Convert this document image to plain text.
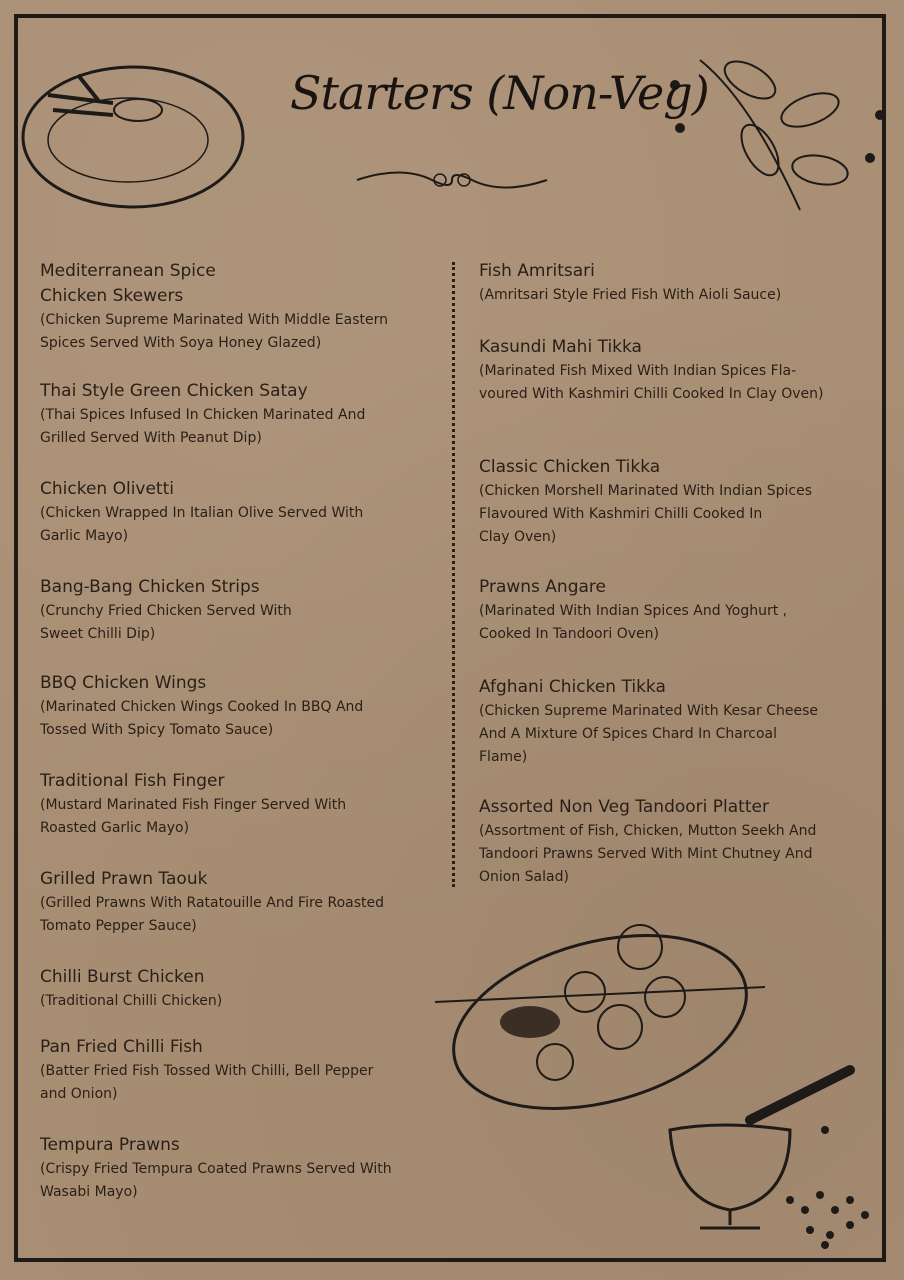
Starters (Non-Veg)
Mediterranean Spice
Chicken Skewers
(Chicken Supreme Marinated With Middle Eastern
Spices Served With Soya Honey Glazed)
Thai Style Green Chicken Satay
(Thai Spices Infused In Chicken Marinated And
Grilled Served With Peanut Dip)
Chicken Olivetti
(Chicken Wrapped In Italian Olive Served With
Garlic Mayo)
Bang-Bang Chicken Strips
(Crunchy Fried Chicken Served With
Sweet Chilli Dip)
BBQ Chicken Wings
(Marinated Chicken Wings Cooked In BBQ And
Tossed With Spicy Tomato Sauce)
Traditional Fish Finger
(Mustard Marinated Fish Finger Served With
Roasted Garlic Mayo)
Grilled Prawn Taouk
(Grilled Prawns With Ratatouille And Fire Roasted
Tomato Pepper Sauce)
Chilli Burst Chicken
(Traditional Chilli Chicken)
Pan Fried Chilli Fish
(Batter Fried Fish Tossed With Chilli, Bell Pepper
and Onion)
Tempura Prawns
(Crispy Fried Tempura Coated Prawns Served With
Wasabi Mayo)
Fish Amritsari
(Amritsari Style Fried Fish With Aioli Sauce)
Kasundi Mahi Tikka
(Marinated Fish Mixed With Indian Spices Fla-
voured With Kashmiri Chilli Cooked In Clay Oven)
Classic Chicken Tikka
(Chicken Morshell Marinated With Indian Spices
Flavoured With Kashmiri Chilli Cooked In
Clay Oven)
Prawns Angare
(Marinated With Indian Spices And Yoghurt ,
Cooked In Tandoori Oven)
Afghani Chicken Tikka
(Chicken Supreme Marinated With Kesar Cheese
And A Mixture Of Spices Chard In Charcoal
Flame)
Assorted Non Veg Tandoori Platter
(Assortment of Fish, Chicken, Mutton Seekh And
Tandoori Prawns Served With Mint Chutney And
Onion Salad)
